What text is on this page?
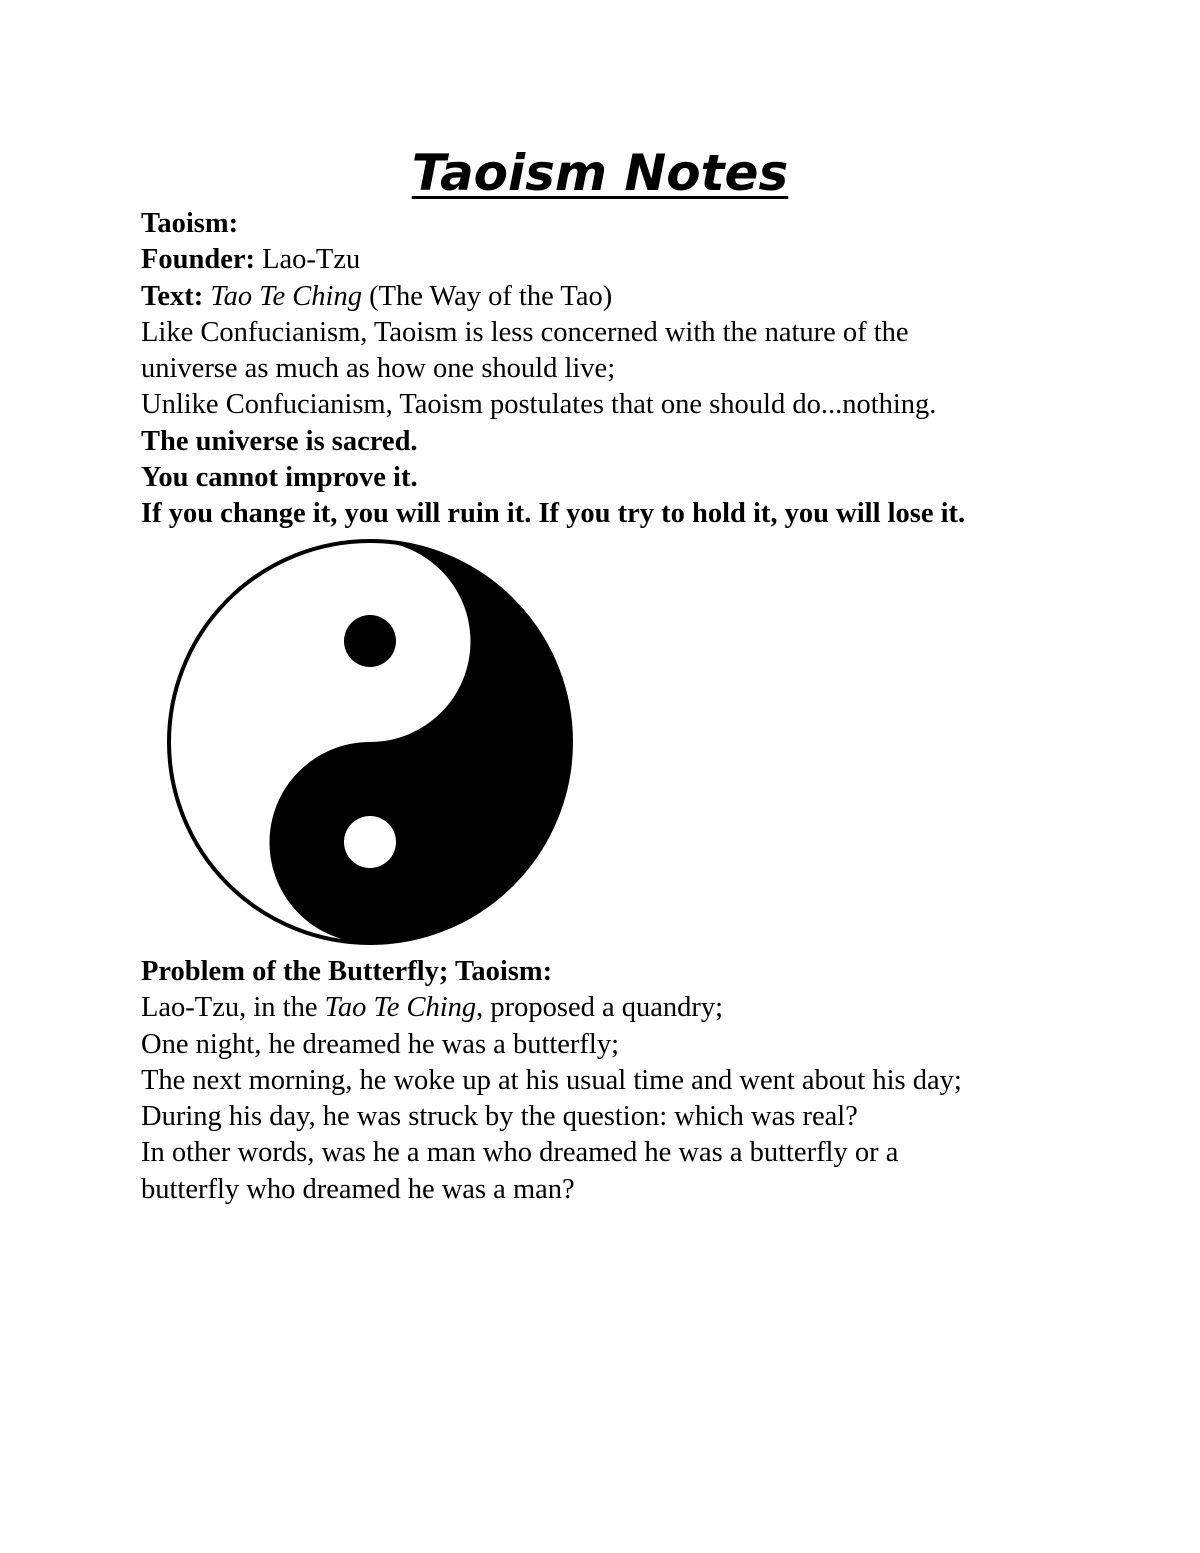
Taoism Notes

Taoism:

Founder: Lao-Tzu

Text: Tao Te Ching (The Way of the Tao)

Like Confucianism, Taoism is less concerned with the nature of the

universe as much as how one should live;

Unlike Confucianism, Taoism postulates that one should do...nothing.

The universe is sacred.

You cannot improve it.

If you change it, you will ruin it. If you try to hold it, you will lose it.

Problem of the Butterfly; Taoism:

Lao-Tzu, in the Tao Te Ching, proposed a quandry;

One night, he dreamed he was a butterfly;

The next morning, he woke up at his usual time and went about his day;

During his day, he was struck by the question: which was real?

In other words, was he a man who dreamed he was a butterfly or a

butterfly who dreamed he was a man?
